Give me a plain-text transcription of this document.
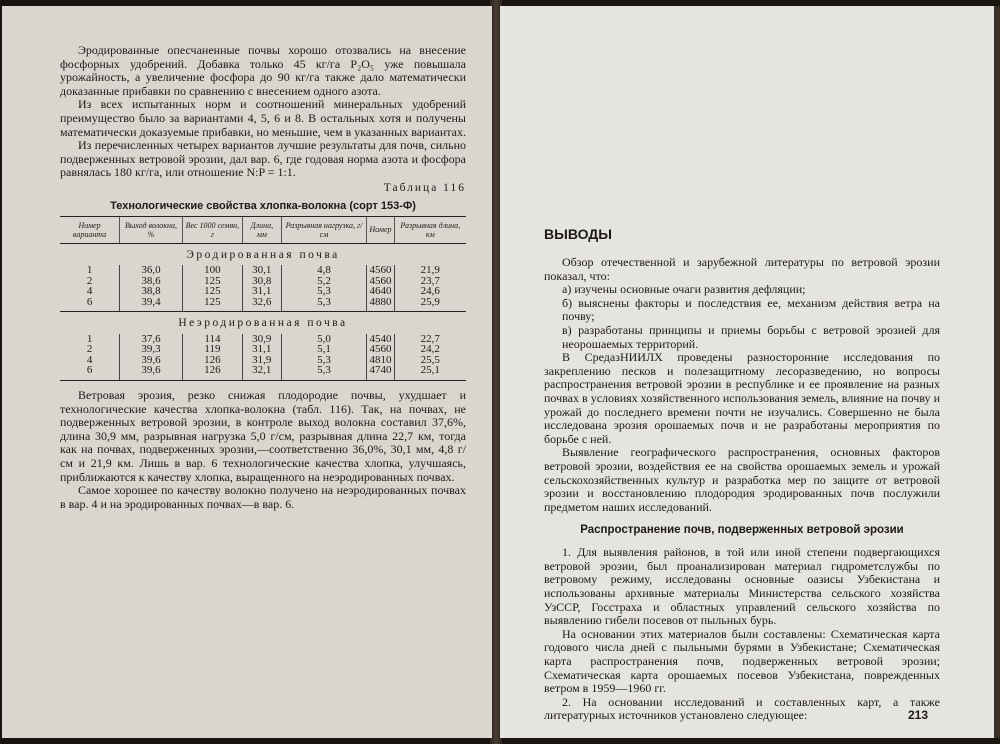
Эродированные опесчаненные почвы хорошо отозвались на внесение фосфорных удобрений. Добавка только 45 кг/га P₂O₅ уже повышала урожайность, а увеличение фосфора до 90 кг/га также дало математически доказанные прибавки по сравнению с внесением одного азота.

Из всех испытанных норм и соотношений минеральных удобрений преимущество было за вариантами 4, 5, 6 и 8. В остальных хотя и получены математически доказуемые прибавки, но меньшие, чем в указанных вариантах.

Из перечисленных четырех вариантов лучшие результаты для почв, сильно подверженных ветровой эрозии, дал вар. 6, где годовая норма азота и фосфора равнялась 180 кг/га, или отношение N:P = 1:1.

Таблица 116
Технологические свойства хлопка-волокна (сорт 153-Ф)
Номер варианта	Выход волокна, %	Вес 1000 семян, г	Длина, мм	Разрывная нагрузка, г/см	Номер	Разрывная длина, км
Эродированная почва						
1	36,0	100	30,1	4,8	4560	21,9
2	38,6	125	30,8	5,2	4560	23,7
4	38,8	125	31,1	5,3	4640	24,6
6	39,4	125	32,6	5,3	4880	25,9
Неэродированная почва						
1	37,6	114	30,9	5,0	4540	22,7
2	39,3	119	31,1	5,1	4560	24,2
4	39,6	126	31,9	5,3	4810	25,5
6	39,6	126	32,1	5,3	4740	25,1

Ветровая эрозия, резко снижая плодородие почвы, ухудшает и технологические качества хлопка-волокна (табл. 116). Так, на почвах, не подверженных ветровой эрозии, в контроле выход волокна составил 37,6%, длина 30,9 мм, разрывная нагрузка 5,0 г/см, разрывная длина 22,7 км, тогда как на почвах, подверженных эрозии,—соответственно 36,0%, 30,1 мм, 4,8 г/см и 21,9 км. Лишь в вар. 6 технологические качества хлопка, улучшаясь, приближаются к качеству хлопка, выращенного на неэродированных почвах.

Самое хорошее по качеству волокно получено на неэродированных почвах в вар. 4 и на эродированных почвах—в вар. 6.

ВЫВОДЫ

Обзор отечественной и зарубежной литературы по ветровой эрозии показал, что:

а) изучены основные очаги развития дефляции;

б) выяснены факторы и последствия ее, механизм действия ветра на почву;

в) разработаны принципы и приемы борьбы с ветровой эрозией для неорошаемых территорий.

В СредазНИИЛХ проведены разносторонние исследования по закреплению песков и полезащитному лесоразведению, но вопросы распространения ветровой эрозии в республике и ее проявление на разных почвах в условиях хозяйственного использования земель, влияние на почву и урожай до последнего времени почти не изучались. Совершенно не была исследована эрозия орошаемых почв и не разработаны мероприятия по борьбе с ней.

Выявление географического распространения, основных факторов ветровой эрозии, воздействия ее на свойства орошаемых земель и урожай сельскохозяйственных культур и разработка мер по защите от ветровой эрозии и восстановлению плодородия эродированных почв послужили предметом наших исследований.

Распространение почв, подверженных ветровой эрозии

1. Для выявления районов, в той или иной степени подвергающихся ветровой эрозии, был проанализирован материал гидрометслужбы по ветровому режиму, исследованы основные оазисы Узбекистана и использованы архивные материалы Министерства сельского хозяйства УзССР, Госстраха и областных управлений сельского хозяйства по выявлению гибели посевов от пыльных бурь.

На основании этих материалов были составлены: Схематическая карта годового числа дней с пыльными бурями в Узбекистане; Схематическая карта распространения почв, подверженных ветровой эрозии; Схематическая карта орошаемых посевов Узбекистана, поврежденных ветром в 1959—1960 гг.

2. На основании исследований и составленных карт, а также литературных источников установлено следующее:	213
